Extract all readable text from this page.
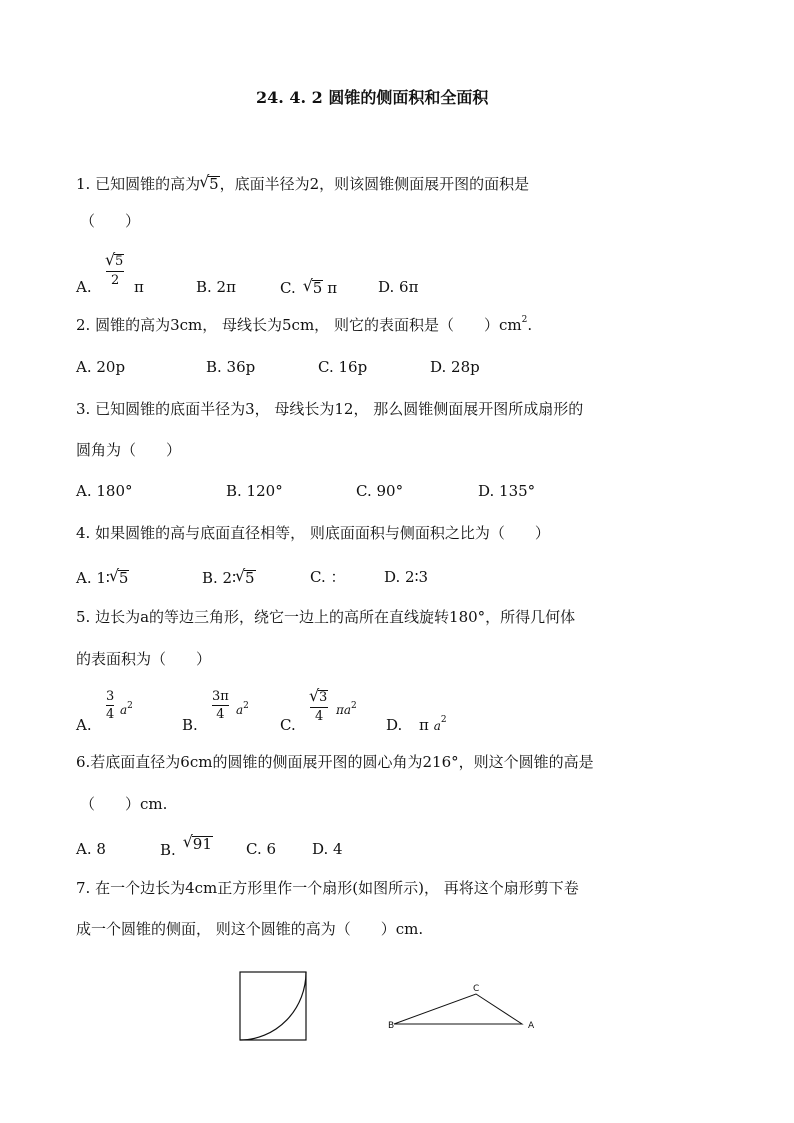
24. 4. 2 圆锥的侧面积和全面积
1. 已知圆锥的高为 √ 5，底面半径为2，则该圆锥侧面展开图的面积是
（　　）
A.
√ $\frac{5}{2}$
π	B. 2π	C. √ 5 π	D. 6π
2. 圆锥的高为3cm， 母线长为5cm， 则它的表面积是（　　）$cm^2$.
A. 20p	B. 36p	C. 16p	D. 28p
3. 已知圆锥的底面半径为3， 母线长为12， 那么圆锥侧面展开图所成扇形的
圆角为（　　）
A. 180°	B. 120°	C. 90°	D. 135°
4. 如果圆锥的高与底面直径相等， 则底面面积与侧面积之比为（　　）
A. 1∶ √ 5	B. 2∶ √ 5	C. ：	D. 2∶3
5. 边长为a的等边三角形，绕它一边上的高所在直线旋转180°，所得几何体
的表面积为（　　）
A.
$\frac{3}{4} a^2$
B.
$\frac{3\pi}{4} a^2$
C.
√ $\frac{3}{4} \pi a^2$
D. π $a^2$
6.若底面直径为6cm的圆锥的侧面展开图的圆心角为216°，则这个圆锥的高是
（　　）cm.
A. 8	B. √ 91 C. 6 D. 4
7. 在一个边长为4cm正方形里作一个扇形(如图所示)， 再将这个扇形剪下卷
成一个圆锥的侧面， 则这个圆锥的高为（　　）cm.
C
B	A
